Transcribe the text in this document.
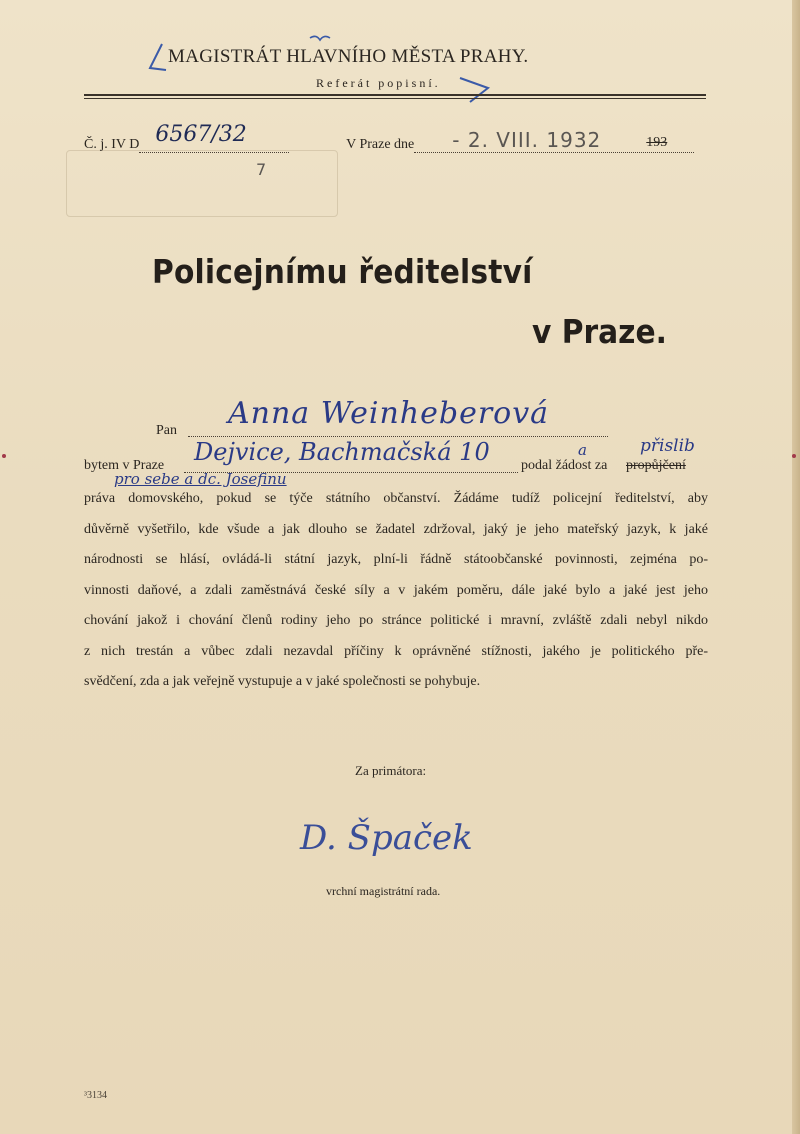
MAGISTRÁT HLAVNÍHO MĚSTA PRAHY.
Referát popisní.
Č. j. IV D 6567/32	V Praze dne - 2. VIII. 1932	193
7
Policejnímu ředitelství
v Praze.
Pan Anna Weinheberová
bytem v Praze Dejvice, Bachmačská 10 podal žádost za
a	přislib
propůjčení
pro sebe a dc. Josefinu
práva domovského, pokud se týče státního občanství. Žádáme tudíž policejní ředitelství, aby
důvěrně vyšetřilo, kde všude a jak dlouho se žadatel zdržoval, jaký je jeho mateřský jazyk, k jaké
národnosti se hlásí, ovládá-li státní jazyk, plní-li řádně státoobčanské povinnosti, zejména po-
vinnosti daňové, a zdali zaměstnává české síly a v jakém poměru, dále jaké bylo a jaké jest jeho
chování jakož i chování členů rodiny jeho po stránce politické i mravní, zvláště zdali nebyl nikdo
z nich trestán a vůbec zdali nezavdal příčiny k oprávněné stížnosti, jakého je politického pře-
svědčení, zda a jak veřejně vystupuje a v jaké společnosti se pohybuje.
Za primátora:
D. Špaček
vrchní magistrátní rada.
³3134
